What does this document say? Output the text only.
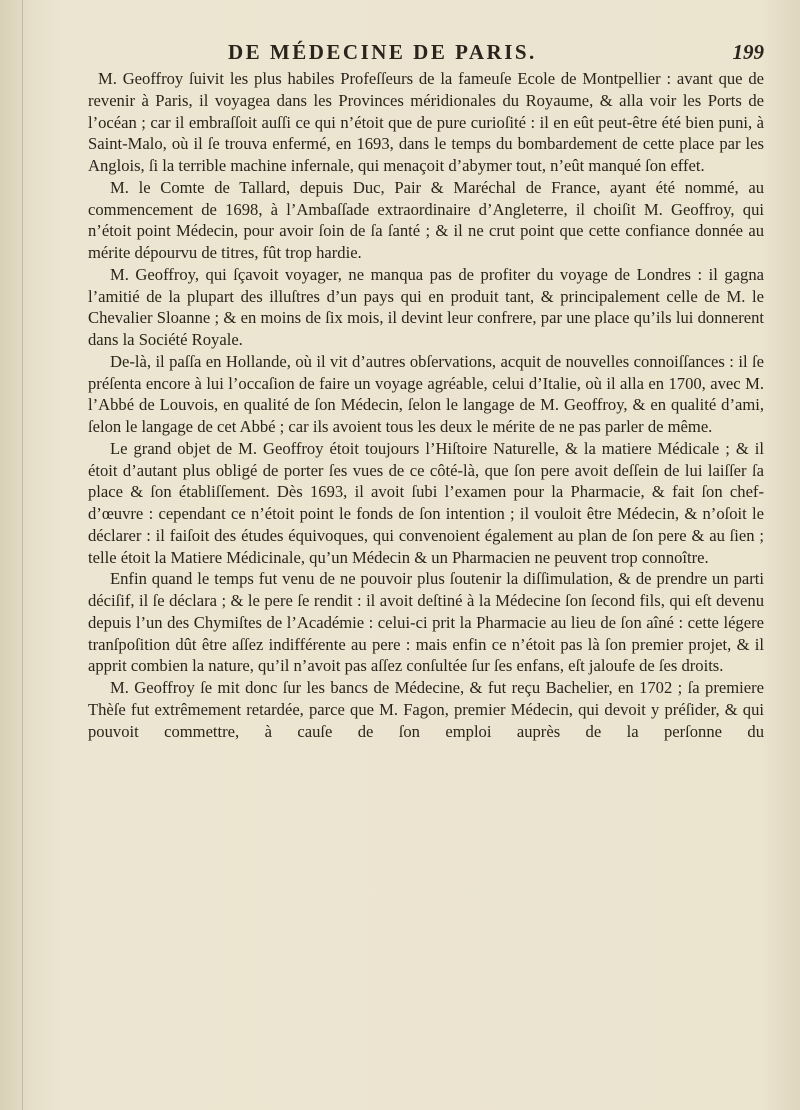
DE MÉDECINE DE PARIS.	199

M. Geoffroy ſuivit les plus habiles Profeſſeurs de la fameuſe Ecole de Montpellier : avant que de revenir à Paris, il voyagea dans les Provinces méridionales du Royaume, & alla voir les Ports de l’océan ; car il embraſſoit auſſi ce qui n’étoit que de pure curioſité : il en eût peut-être été bien puni, à Saint-Malo, où il ſe trouva enfermé, en 1693, dans le temps du bombardement de cette place par les Anglois, ſi la terrible machine infernale, qui menaçoit d’abymer tout, n’eût manqué ſon effet.

M. le Comte de Tallard, depuis Duc, Pair & Maréchal de France, ayant été nommé, au commencement de 1698, à l’Ambaſſade extraordinaire d’Angleterre, il choiſit M. Geoffroy, qui n’étoit point Médecin, pour avoir ſoin de ſa ſanté ; & il ne crut point que cette confiance donnée au mérite dépourvu de titres, fût trop hardie.

M. Geoffroy, qui ſçavoit voyager, ne manqua pas de profiter du voyage de Londres : il gagna l’amitié de la plupart des illuſtres d’un pays qui en produit tant, & principalement celle de M. le Chevalier Sloanne ; & en moins de ſix mois, il devint leur confrere, par une place qu’ils lui donnerent dans la Société Royale.

De-là, il paſſa en Hollande, où il vit d’autres obſervations, acquit de nouvelles connoiſſances : il ſe préſenta encore à lui l’occaſion de faire un voyage agréable, celui d’Italie, où il alla en 1700, avec M. l’Abbé de Louvois, en qualité de ſon Médecin, ſelon le langage de M. Geoffroy, & en qualité d’ami, ſelon le langage de cet Abbé ; car ils avoient tous les deux le mérite de ne pas parler de même.

Le grand objet de M. Geoffroy étoit toujours l’Hiſtoire Naturelle, & la matiere Médicale ; & il étoit d’autant plus obligé de porter ſes vues de ce côté-là, que ſon pere avoit deſſein de lui laiſſer ſa place & ſon établiſſement. Dès 1693, il avoit ſubi l’examen pour la Pharmacie, & fait ſon chef-d’œuvre : cependant ce n’étoit point le fonds de ſon intention ; il vouloit être Médecin, & n’oſoit le déclarer : il faiſoit des études équivoques, qui convenoient également au plan de ſon pere & au ſien ; telle étoit la Matiere Médicinale, qu’un Médecin & un Pharmacien ne peuvent trop connoître.

Enfin quand le temps fut venu de ne pouvoir plus ſoutenir la diſſimulation, & de prendre un parti déciſif, il ſe déclara ; & le pere ſe rendit : il avoit deſtiné à la Médecine ſon ſecond fils, qui eſt devenu depuis l’un des Chymiſtes de l’Académie : celui-ci prit la Pharmacie au lieu de ſon aîné : cette légere tranſpoſition dût être aſſez indifférente au pere : mais enfin ce n’étoit pas là ſon premier projet, & il apprit combien la nature, qu’il n’avoit pas aſſez conſultée ſur ſes enfans, eſt jaloufe de ſes droits.

M. Geoffroy ſe mit donc ſur les bancs de Médecine, & fut reçu Bachelier, en 1702 ; ſa premiere Thèſe fut extrêmement retardée, parce que M. Fagon, premier Médecin, qui devoit y préſider, & qui pouvoit commettre, à cauſe de ſon emploi auprès de la perſonne du
